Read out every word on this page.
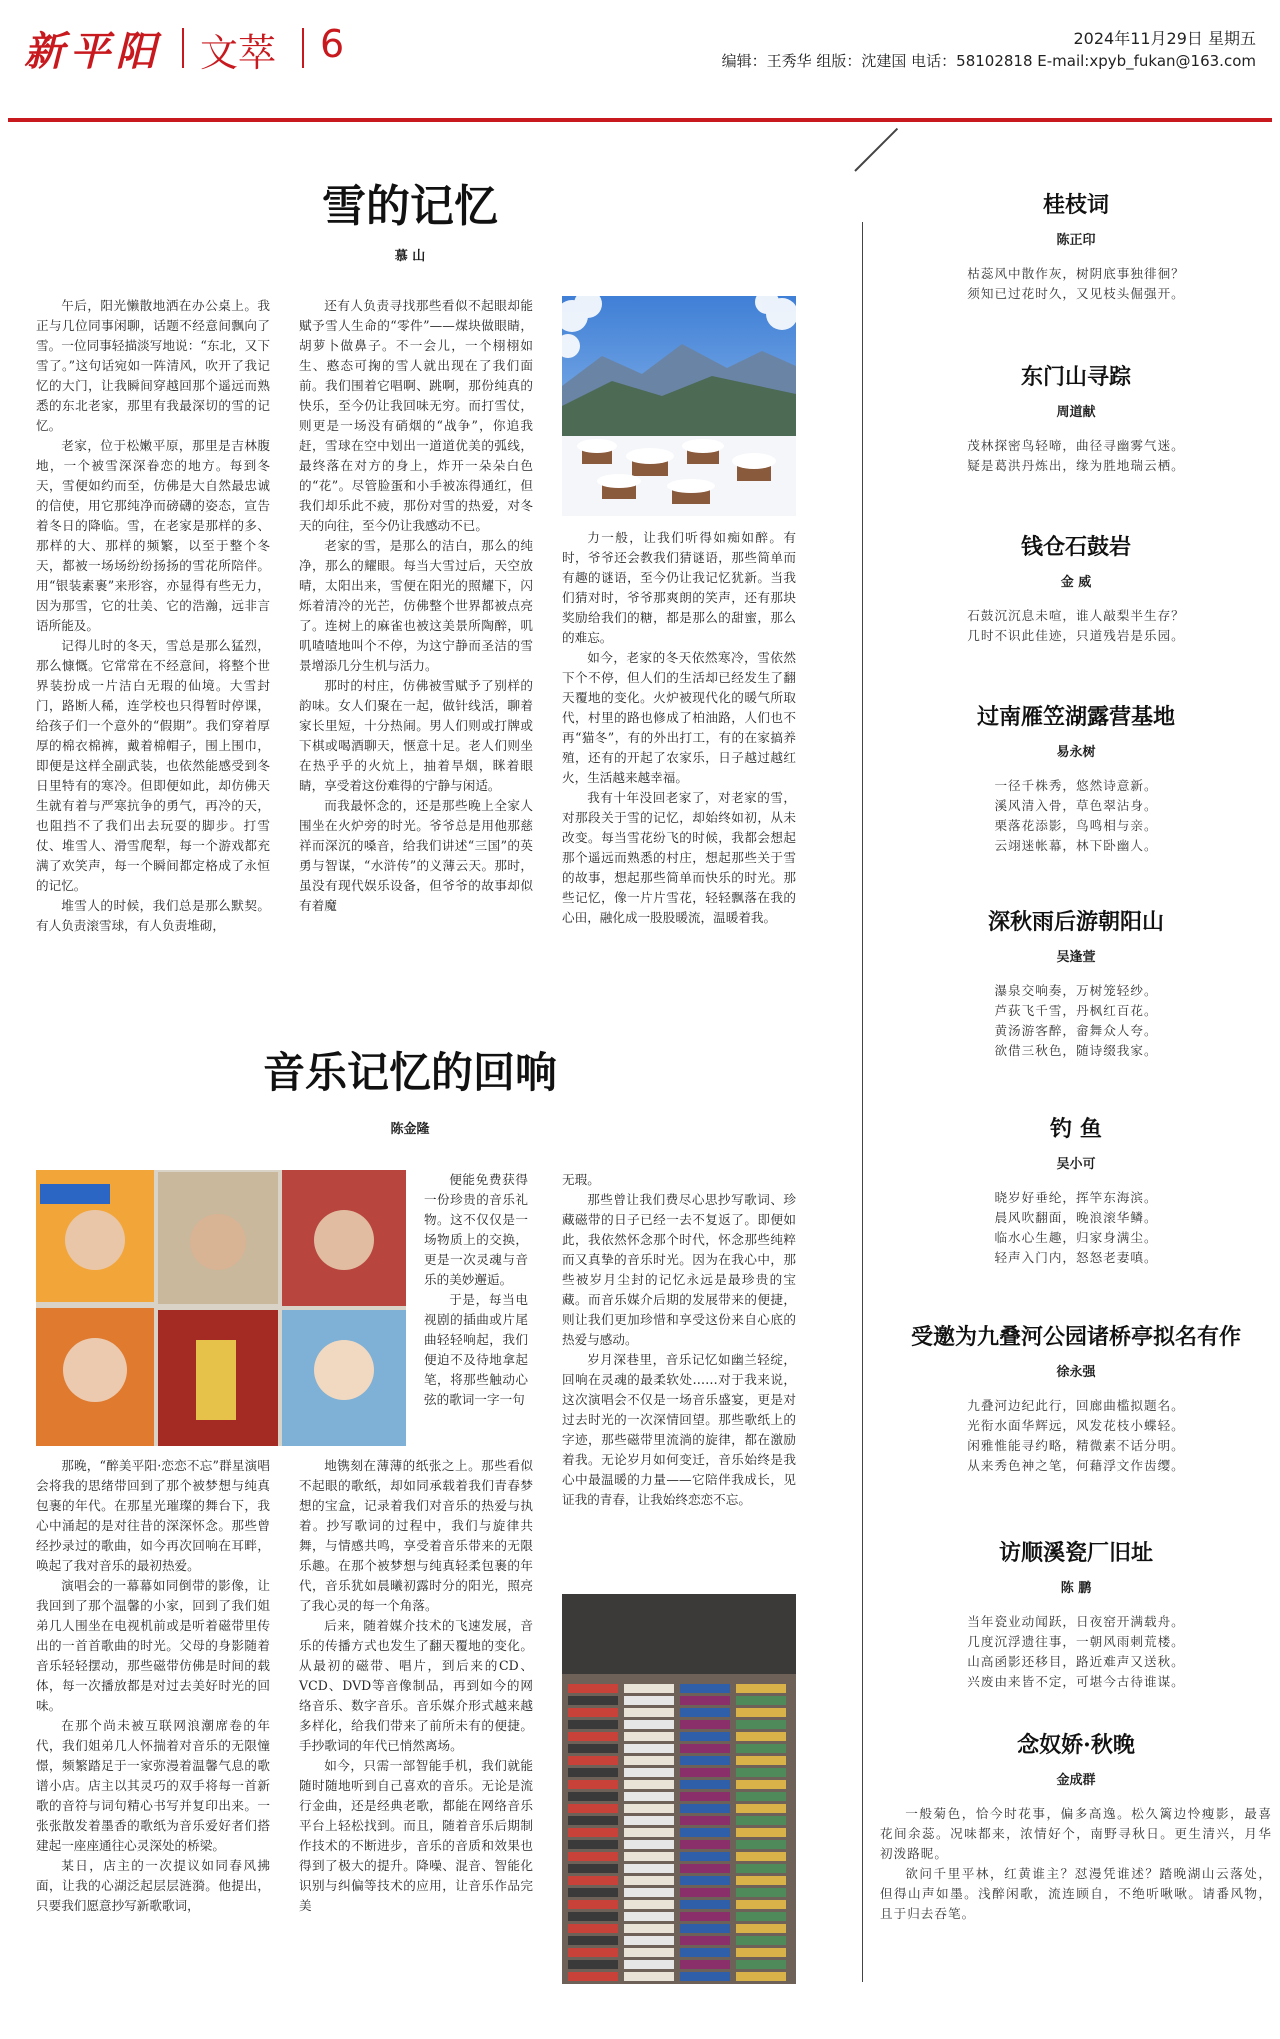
新平阳 文萃 6	2024年11月29日 星期五
编辑：王秀华 组版：沈建国 电话：58102818 E-mail:xpyb_fukan@163.com
雪的记忆
慕 山

午后，阳光懒散地洒在办公桌上。我正与几位同事闲聊，话题不经意间飘向了雪。一位同事轻描淡写地说：“东北，又下雪了。”这句话宛如一阵清风，吹开了我记忆的大门，让我瞬间穿越回那个遥远而熟悉的东北老家，那里有我最深切的雪的记忆。

老家，位于松嫩平原，那里是吉林腹地，一个被雪深深眷恋的地方。每到冬天，雪便如约而至，仿佛是大自然最忠诚的信使，用它那纯净而磅礴的姿态，宣告着冬日的降临。雪，在老家是那样的多、那样的大、那样的频繁，以至于整个冬天，都被一场场纷纷扬扬的雪花所陪伴。用“银装素裹”来形容，亦显得有些无力，因为那雪，它的壮美、它的浩瀚，远非言语所能及。

记得儿时的冬天，雪总是那么猛烈，那么慷慨。它常常在不经意间，将整个世界装扮成一片洁白无瑕的仙境。大雪封门，路断人稀，连学校也只得暂时停课，给孩子们一个意外的“假期”。我们穿着厚厚的棉衣棉裤，戴着棉帽子，围上围巾，即便是这样全副武装，也依然能感受到冬日里特有的寒冷。但即便如此，却仿佛天生就有着与严寒抗争的勇气，再冷的天，也阻挡不了我们出去玩耍的脚步。打雪仗、堆雪人、滑雪爬犁，每一个游戏都充满了欢笑声，每一个瞬间都定格成了永恒的记忆。

堆雪人的时候，我们总是那么默契。有人负责滚雪球，有人负责堆砌，

还有人负责寻找那些看似不起眼却能赋予雪人生命的“零件”——煤块做眼睛，胡萝卜做鼻子。不一会儿，一个栩栩如生、憨态可掬的雪人就出现在了我们面前。我们围着它唱啊、跳啊，那份纯真的快乐，至今仍让我回味无穷。而打雪仗，则更是一场没有硝烟的“战争”，你追我赶，雪球在空中划出一道道优美的弧线，最终落在对方的身上，炸开一朵朵白色的“花”。尽管脸蛋和小手被冻得通红，但我们却乐此不疲，那份对雪的热爱，对冬天的向往，至今仍让我感动不已。

老家的雪，是那么的洁白，那么的纯净，那么的耀眼。每当大雪过后，天空放晴，太阳出来，雪便在阳光的照耀下，闪烁着清冷的光芒，仿佛整个世界都被点亮了。连树上的麻雀也被这美景所陶醉，叽叽喳喳地叫个不停，为这宁静而圣洁的雪景增添几分生机与活力。

那时的村庄，仿佛被雪赋予了别样的韵味。女人们聚在一起，做针线活，聊着家长里短，十分热闹。男人们则或打牌或下棋或喝酒聊天，惬意十足。老人们则坐在热乎乎的火炕上，抽着旱烟，眯着眼睛，享受着这份难得的宁静与闲适。

而我最怀念的，还是那些晚上全家人围坐在火炉旁的时光。爷爷总是用他那慈祥而深沉的嗓音，给我们讲述“三国”的英勇与智谋，“水浒传”的义薄云天。那时，虽没有现代娱乐设备，但爷爷的故事却似有着魔

力一般，让我们听得如痴如醉。有时，爷爷还会教我们猜谜语，那些简单而有趣的谜语，至今仍让我记忆犹新。当我们猜对时，爷爷那爽朗的笑声，还有那块奖励给我们的糖，都是那么的甜蜜，那么的难忘。

如今，老家的冬天依然寒冷，雪依然下个不停，但人们的生活却已经发生了翻天覆地的变化。火炉被现代化的暖气所取代，村里的路也修成了柏油路，人们也不再“猫冬”，有的外出打工，有的在家搞养殖，还有的开起了农家乐，日子越过越红火，生活越来越幸福。

我有十年没回老家了，对老家的雪，对那段关于雪的记忆，却始终如初，从未改变。每当雪花纷飞的时候，我都会想起那个遥远而熟悉的村庄，想起那些关于雪的故事，想起那些简单而快乐的时光。那些记忆，像一片片雪花，轻轻飘落在我的心田，融化成一股股暖流，温暖着我。

音乐记忆的回响
陈金隆

便能免费获得一份珍贵的音乐礼物。这不仅仅是一场物质上的交换，更是一次灵魂与音乐的美妙邂逅。

于是，每当电视剧的插曲或片尾曲轻轻响起，我们便迫不及待地拿起笔，将那些触动心弦的歌词一字一句

那晚，“醉美平阳·恋恋不忘”群星演唱会将我的思绪带回到了那个被梦想与纯真包裹的年代。在那星光璀璨的舞台下，我心中涌起的是对往昔的深深怀念。那些曾经抄录过的歌曲，如今再次回响在耳畔，唤起了我对音乐的最初热爱。

演唱会的一幕幕如同倒带的影像，让我回到了那个温馨的小家，回到了我们姐弟几人围坐在电视机前或是听着磁带里传出的一首首歌曲的时光。父母的身影随着音乐轻轻摆动，那些磁带仿佛是时间的载体，每一次播放都是对过去美好时光的回味。

在那个尚未被互联网浪潮席卷的年代，我们姐弟几人怀揣着对音乐的无限憧憬，频繁踏足于一家弥漫着温馨气息的歌谱小店。店主以其灵巧的双手将每一首新歌的音符与词句精心书写并复印出来。一张张散发着墨香的歌纸为音乐爱好者们搭建起一座座通往心灵深处的桥梁。

某日，店主的一次提议如同春风拂面，让我的心湖泛起层层涟漪。他提出，只要我们愿意抄写新歌歌词，

地镌刻在薄薄的纸张之上。那些看似不起眼的歌纸，却如同承载着我们青春梦想的宝盒，记录着我们对音乐的热爱与执着。抄写歌词的过程中，我们与旋律共舞，与情感共鸣，享受着音乐带来的无限乐趣。在那个被梦想与纯真轻柔包裹的年代，音乐犹如晨曦初露时分的阳光，照亮了我心灵的每一个角落。

后来，随着媒介技术的飞速发展，音乐的传播方式也发生了翻天覆地的变化。从最初的磁带、唱片，到后来的CD、VCD、DVD等音像制品，再到如今的网络音乐、数字音乐。音乐媒介形式越来越多样化，给我们带来了前所未有的便捷。手抄歌词的年代已悄然离场。

如今，只需一部智能手机，我们就能随时随地听到自己喜欢的音乐。无论是流行金曲，还是经典老歌，都能在网络音乐平台上轻松找到。而且，随着音乐后期制作技术的不断进步，音乐的音质和效果也得到了极大的提升。降噪、混音、智能化识别与纠偏等技术的应用，让音乐作品完美

无瑕。

那些曾让我们费尽心思抄写歌词、珍藏磁带的日子已经一去不复返了。即便如此，我依然怀念那个时代，怀念那些纯粹而又真挚的音乐时光。因为在我心中，那些被岁月尘封的记忆永远是最珍贵的宝藏。而音乐媒介后期的发展带来的便捷，则让我们更加珍惜和享受这份来自心底的热爱与感动。

岁月深巷里，音乐记忆如幽兰轻绽，回响在灵魂的最柔软处……对于我来说，这次演唱会不仅是一场音乐盛宴，更是对过去时光的一次深情回望。那些歌纸上的字迹，那些磁带里流淌的旋律，都在激励着我。无论岁月如何变迁，音乐始终是我心中最温暖的力量——它陪伴我成长，见证我的青春，让我始终恋恋不忘。

桂枝词
陈正印
枯蕊风中散作灰，树阴底事独徘徊？
须知已过花时久，又见枝头倔强开。
东门山寻踪
周道献
茂林探密鸟轻啼，曲径寻幽雾气迷。
疑是葛洪丹炼出，缘为胜地瑞云栖。
钱仓石鼓岩
金 威
石鼓沉沉息未喧，谁人敲梨半生存？
几时不识此佳迹，只道残岩是乐园。
过南雁笠湖露营基地
易永树
一径千株秀，悠然诗意新。
溪风清入骨，草色翠沾身。
栗落花添影，鸟鸣相与亲。
云翊迷帐幕，林下卧幽人。
深秋雨后游朝阳山
吴逢萱
瀑泉交响奏，万树笼轻纱。
芦荻飞千雪，丹枫红百花。
黄汤游客醉，畲舞众人夸。
欲借三秋色，随诗缀我家。
钓 鱼
吴小可
晓岁好垂纶，挥竿东海滨。
晨风吹翻面，晚浪滚华鳞。
临水心生趣，归家身满尘。
轻声入门内，怒怒老妻嗔。
受邀为九叠河公园诸桥亭拟名有作
徐永强
九叠河边纪此行，回廊曲槛拟题名。
光衔水面华辉远，风发花枝小蝶轻。
闲雅惟能寻约略，精微素不话分明。
从来秀色神之笔，何藉浮文作齿缨。
访顺溪瓷厂旧址
陈 鹏
当年瓷业动闻跃，日夜窑开满载舟。
几度沉浮遗往事，一朝风雨刺荒楼。
山高函影还移目，路近难声又送秋。
兴废由来皆不定，可堪今古待谁谋。
念奴娇·秋晚
金成群
一般菊色，恰今时花事，偏多高逸。松久篱边怜瘦影，最喜花间余蕊。况味都来，浓情好个，南野寻秋日。更生清兴，月华初泼路昵。
欲问千里平林，红黄谁主？怼漫凭谁述？踏晚湖山云落处，但得山声如墨。浅醉闲歌，流连顾自，不绝听啾啾。请番风物，且于归去吞笔。
